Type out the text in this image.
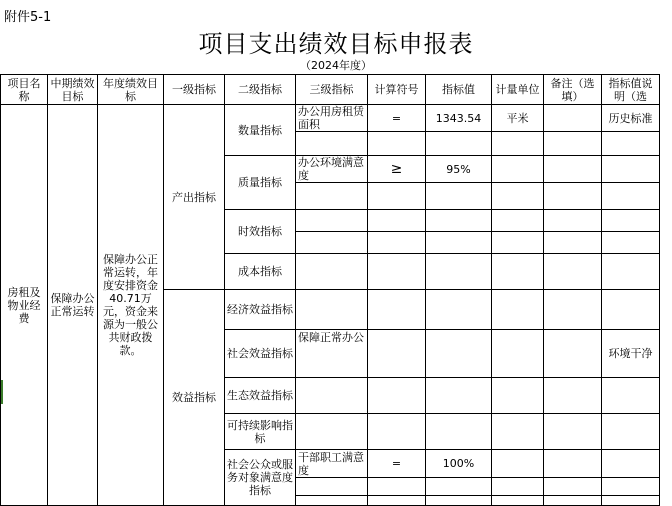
附件5-1
项目支出绩效目标申报表
（2024年度）
项目名称	中期绩效目标	年度绩效目标	一级指标	二级指标	三级指标	计算符号	指标值	计量单位	备注（选填）	指标值说明（选
房租及物业经费	保障办公正常运转	保障办公正常运转，年度安排资金40.71万元，资金来源为一般公共财政拨款。	产出指标	数量指标	办公用房租赁面积	=	1343.54	平米		历史标准

				质量指标	办公环境满意度	≥	95%			

				时效指标						

				成本指标						
			效益指标	经济效益指标						
				社会效益指标	保障正常办公					环境干净

				生态效益指标						
				可持续影响指标						
				社会公众或服务对象满意度指标	干部职工满意度	=	100%			
